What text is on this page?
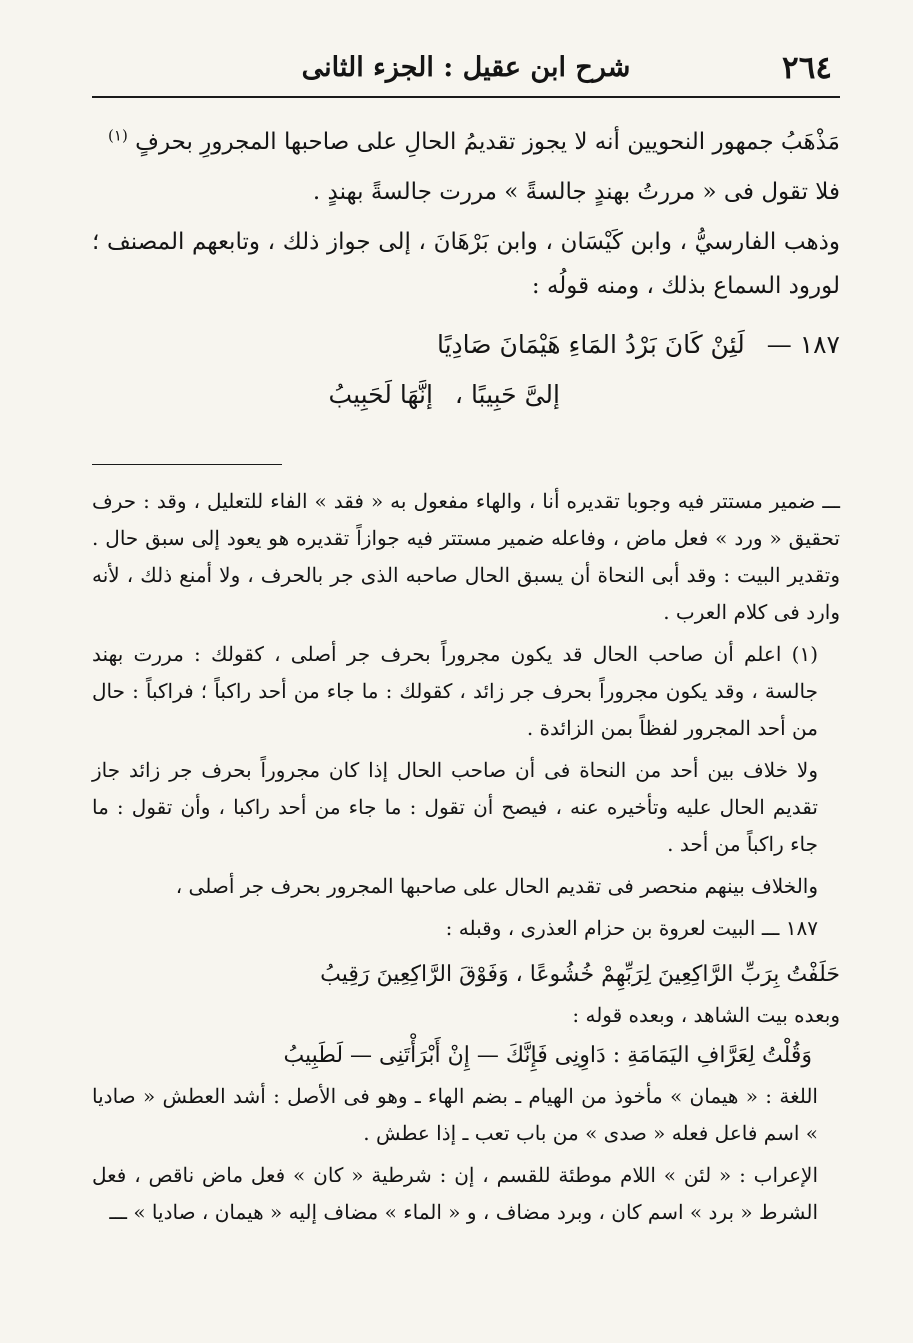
٢٦٤
شرح ابن عقيل : الجزء الثانى

مَذْهَبُ جمهور النحويين أنه لا يجوز تقديمُ الحالِ على صاحبها المجرورِ بحرفٍ $^{(١)}$

فلا تقول فى « مررتُ بهندٍ جالسةً » مررت جالسةً بهندٍ .

وذهب الفارسيُّ ، وابن كَيْسَان ، وابن بَرْهَانَ ، إلى جواز ذلك ، وتابعهم المصنف ؛ لورود السماع بذلك ، ومنه قولُه :

١٨٧ —
لَئِنْ كَانَ بَرْدُ المَاءِ هَيْمَانَ صَادِيًا
إلىَّ حَبِيبًا ،
إنَّهَا لَحَبِيبُ

ـــ ضمير مستتر فيه وجوبا تقديره أنا ، والهاء مفعول به « فقد » الفاء للتعليل ، وقد : حرف تحقيق « ورد » فعل ماض ، وفاعله ضمير مستتر فيه جوازاً تقديره هو يعود إلى سبق حال . وتقدير البيت : وقد أبى النحاة أن يسبق الحال صاحبه الذى جر بالحرف ، ولا أمنع ذلك ، لأنه وارد فى كلام العرب .

(١) اعلم أن صاحب الحال قد يكون مجروراً بحرف جر أصلى ، كقولك : مررت بهند جالسة ، وقد يكون مجروراً بحرف جر زائد ، كقولك : ما جاء من أحد راكباً ؛ فراكباً : حال من أحد المجرور لفظاً بمن الزائدة .

ولا خلاف بين أحد من النحاة فى أن صاحب الحال إذا كان مجروراً بحرف جر زائد جاز تقديم الحال عليه وتأخيره عنه ، فيصح أن تقول : ما جاء من أحد راكبا ، وأن تقول : ما جاء راكباً من أحد .

والخلاف بينهم منحصر فى تقديم الحال على صاحبها المجرور بحرف جر أصلى ،

١٨٧ ـــ البيت لعروة بن حزام العذرى ، وقبله :

حَلَفْتُ بِرَبِّ الرَّاكِعِينَ لِرَبِّهِمْ خُشُوعًا ، وَفَوْقَ الرَّاكِعِينَ رَقِيبُ

وبعده بيت الشاهد ، وبعده قوله :

وَقُلْتُ لِعَرَّافِ اليَمَامَةِ : دَاوِنِى فَإِنَّكَ — إِنْ أَبْرَأْتَنِى — لَطَبِيبُ

اللغة : « هيمان » مأخوذ من الهيام ـ بضم الهاء ـ وهو فى الأصل : أشد العطش « صاديا » اسم فاعل فعله « صدى » من باب تعب ـ إذا عطش .

الإعراب : « لئن » اللام موطئة للقسم ، إن : شرطية « كان » فعل ماض ناقص ، فعل الشرط « برد » اسم كان ، وبرد مضاف ، و « الماء » مضاف إليه « هيمان ، صاديا » ـــ
